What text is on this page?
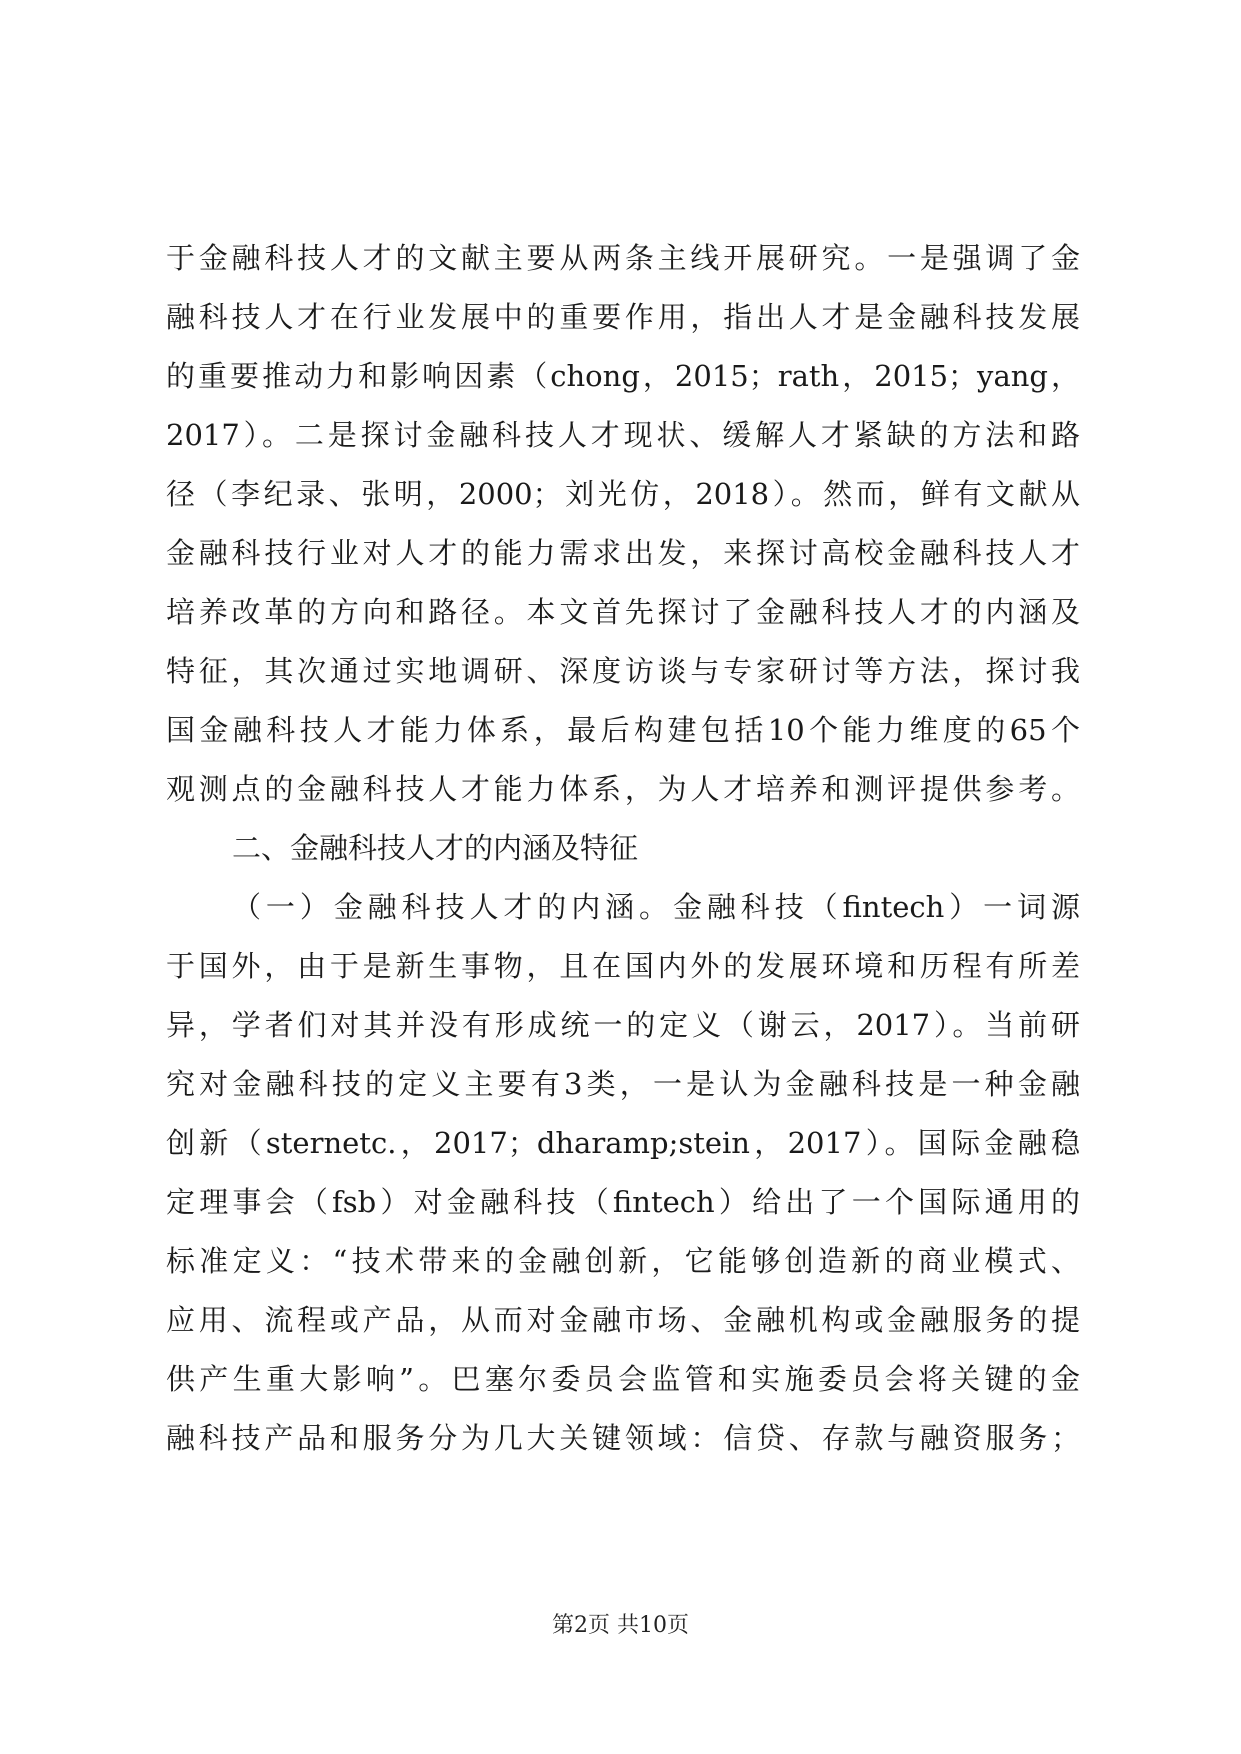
于金融科技人才的文献主要从两条主线开展研究。一是强调了金
融科技人才在行业发展中的重要作用，指出人才是金融科技发展
的重要推动力和影响因素（chong，2015；rath，2015；yang，
2017）。二是探讨金融科技人才现状、缓解人才紧缺的方法和路
径（李纪录、张明，2000；刘光仿，2018）。然而，鲜有文献从
金融科技行业对人才的能力需求出发，来探讨高校金融科技人才
培养改革的方向和路径。本文首先探讨了金融科技人才的内涵及
特征，其次通过实地调研、深度访谈与专家研讨等方法，探讨我
国金融科技人才能力体系，最后构建包括10个能力维度的65个
观测点的金融科技人才能力体系，为人才培养和测评提供参考。
二、金融科技人才的内涵及特征
（一）金融科技人才的内涵。金融科技（fintech）一词源
于国外，由于是新生事物，且在国内外的发展环境和历程有所差
异，学者们对其并没有形成统一的定义（谢云，2017）。当前研
究对金融科技的定义主要有3类，一是认为金融科技是一种金融
创新（sternetc.，2017；dharamp;stein，2017）。国际金融稳
定理事会（fsb）对金融科技（fintech）给出了一个国际通用的
标准定义：“技术带来的金融创新，它能够创造新的商业模式、
应用、流程或产品，从而对金融市场、金融机构或金融服务的提
供产生重大影响”。巴塞尔委员会监管和实施委员会将关键的金
融科技产品和服务分为几大关键领域：信贷、存款与融资服务；
第2页 共10页
